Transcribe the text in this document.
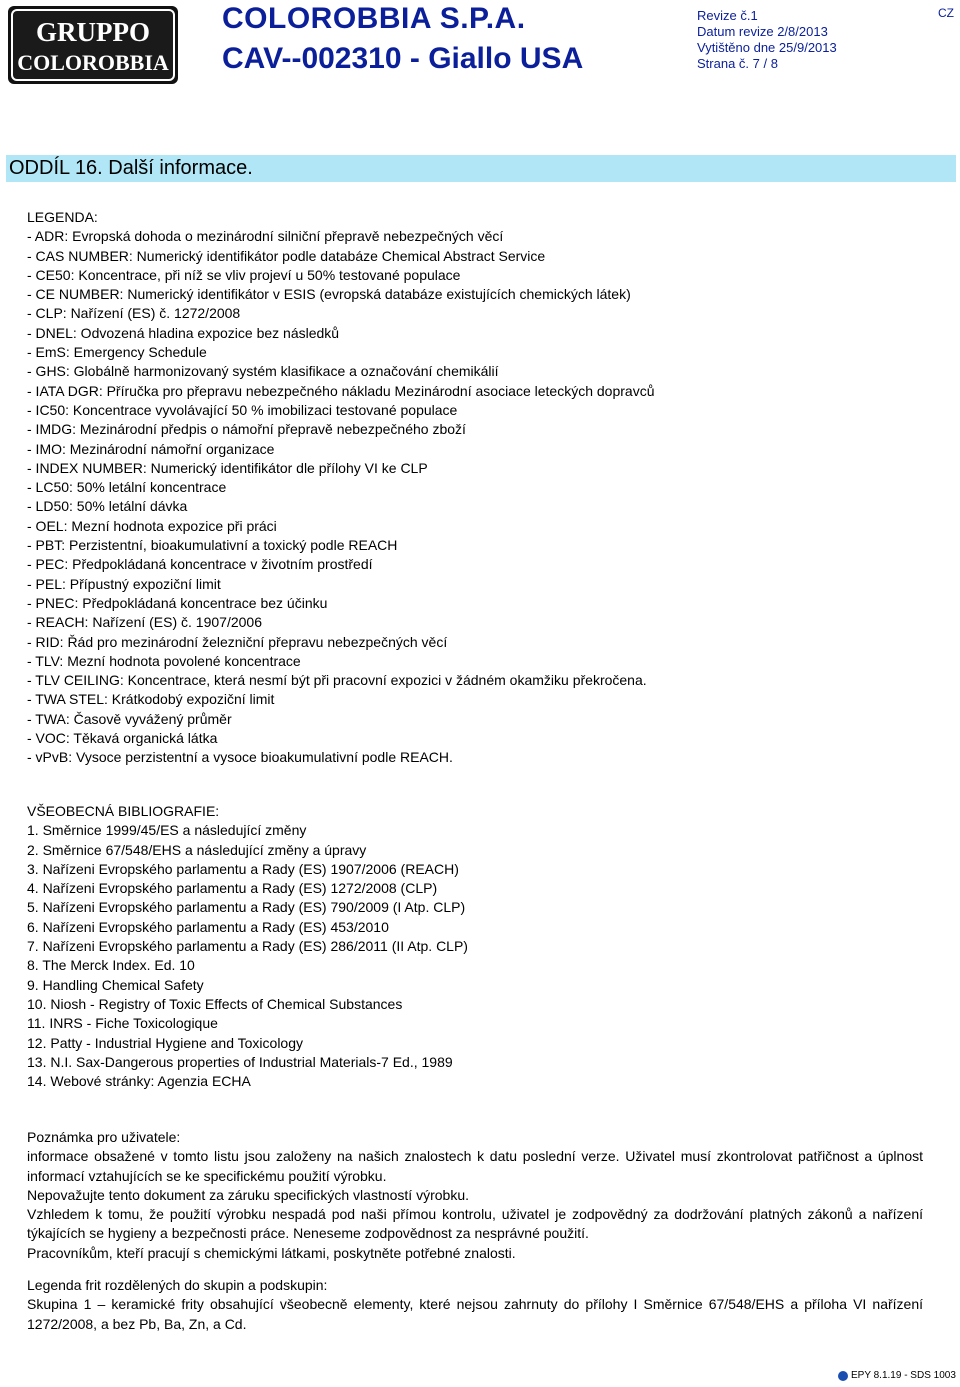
GRUPPO
COLOROBBIA
COLOROBBIA S.P.A.
CAV--002310 - Giallo USA
Revize č.1
Datum revize 2/8/2013
Vytištěno dne 25/9/2013
Strana č. 7 / 8
CZ
ODDÍL 16. Další informace.
LEGENDA:
- ADR: Evropská dohoda o mezinárodní silniční přepravě nebezpečných věcí
- CAS NUMBER: Numerický identifikátor podle databáze Chemical Abstract Service
- CE50: Koncentrace, při níž se vliv projeví u 50% testované populace
- CE NUMBER: Numerický identifikátor v ESIS (evropská databáze existujících chemických látek)
- CLP: Nařízení (ES) č. 1272/2008
- DNEL: Odvozená hladina expozice bez následků
- EmS: Emergency Schedule
- GHS: Globálně harmonizovaný systém klasifikace a označování chemikálií
- IATA DGR: Příručka pro přepravu nebezpečného nákladu Mezinárodní asociace leteckých dopravců
- IC50: Koncentrace vyvolávající 50 % imobilizaci testované populace
- IMDG: Mezinárodní předpis o námořní přepravě nebezpečného zboží
- IMO: Mezinárodní námořní organizace
- INDEX NUMBER: Numerický identifikátor dle přílohy VI ke CLP
- LC50: 50% letální koncentrace
- LD50: 50% letální dávka
- OEL: Mezní hodnota expozice při práci
- PBT: Perzistentní, bioakumulativní a toxický podle REACH
- PEC: Předpokládaná koncentrace v životním prostředí
- PEL: Přípustný expoziční limit
- PNEC: Předpokládaná koncentrace bez účinku
- REACH: Nařízení (ES) č. 1907/2006
- RID: Řád pro mezinárodní železniční přepravu nebezpečných věcí
- TLV: Mezní hodnota povolené koncentrace
- TLV CEILING: Koncentrace, která nesmí být při pracovní expozici v žádném okamžiku překročena.
- TWA STEL: Krátkodobý expoziční limit
- TWA: Časově vyvážený průměr
- VOC: Těkavá organická látka
- vPvB: Vysoce perzistentní a vysoce bioakumulativní podle REACH.
VŠEOBECNÁ BIBLIOGRAFIE:
1. Směrnice 1999/45/ES a následující změny
2. Směrnice 67/548/EHS a následující změny a úpravy
3. Nařízeni Evropského parlamentu a Rady (ES) 1907/2006 (REACH)
4. Nařízeni Evropského parlamentu a Rady (ES) 1272/2008 (CLP)
5. Nařízeni Evropského parlamentu a Rady (ES) 790/2009 (I Atp. CLP)
6. Nařízeni Evropského parlamentu a Rady (ES) 453/2010
7. Nařízeni Evropského parlamentu a Rady (ES) 286/2011 (II Atp. CLP)
8. The Merck Index. Ed. 10
9. Handling Chemical Safety
10. Niosh - Registry of Toxic Effects of Chemical Substances
11. INRS - Fiche Toxicologique
12. Patty - Industrial Hygiene and Toxicology
13. N.I. Sax-Dangerous properties of Industrial Materials-7 Ed., 1989
14. Webové stránky: Agenzia ECHA
Poznámka pro uživatele:
informace obsažené v tomto listu jsou založeny na našich znalostech k datu poslední verze. Uživatel musí zkontrolovat patřičnost a úplnost informací vztahujících se ke specifickému použití výrobku.
Nepovažujte tento dokument za záruku specifických vlastností výrobku.
Vzhledem k tomu, že použití výrobku nespadá pod naši přímou kontrolu, uživatel je zodpovědný za dodržování platných zákonů a nařízení týkajících se hygieny a bezpečnosti práce. Neneseme zodpovědnost za nesprávné použití.
Pracovníkům, kteří pracují s chemickými látkami, poskytněte potřebné znalosti.
Legenda frit rozdělených do skupin a podskupin:
Skupina 1 – keramické frity obsahující všeobecně elementy, které nejsou zahrnuty do přílohy I Směrnice 67/548/EHS a příloha VI nařízení 1272/2008, a bez Pb, Ba, Zn, a Cd.
EPY 8.1.19 - SDS 1003
